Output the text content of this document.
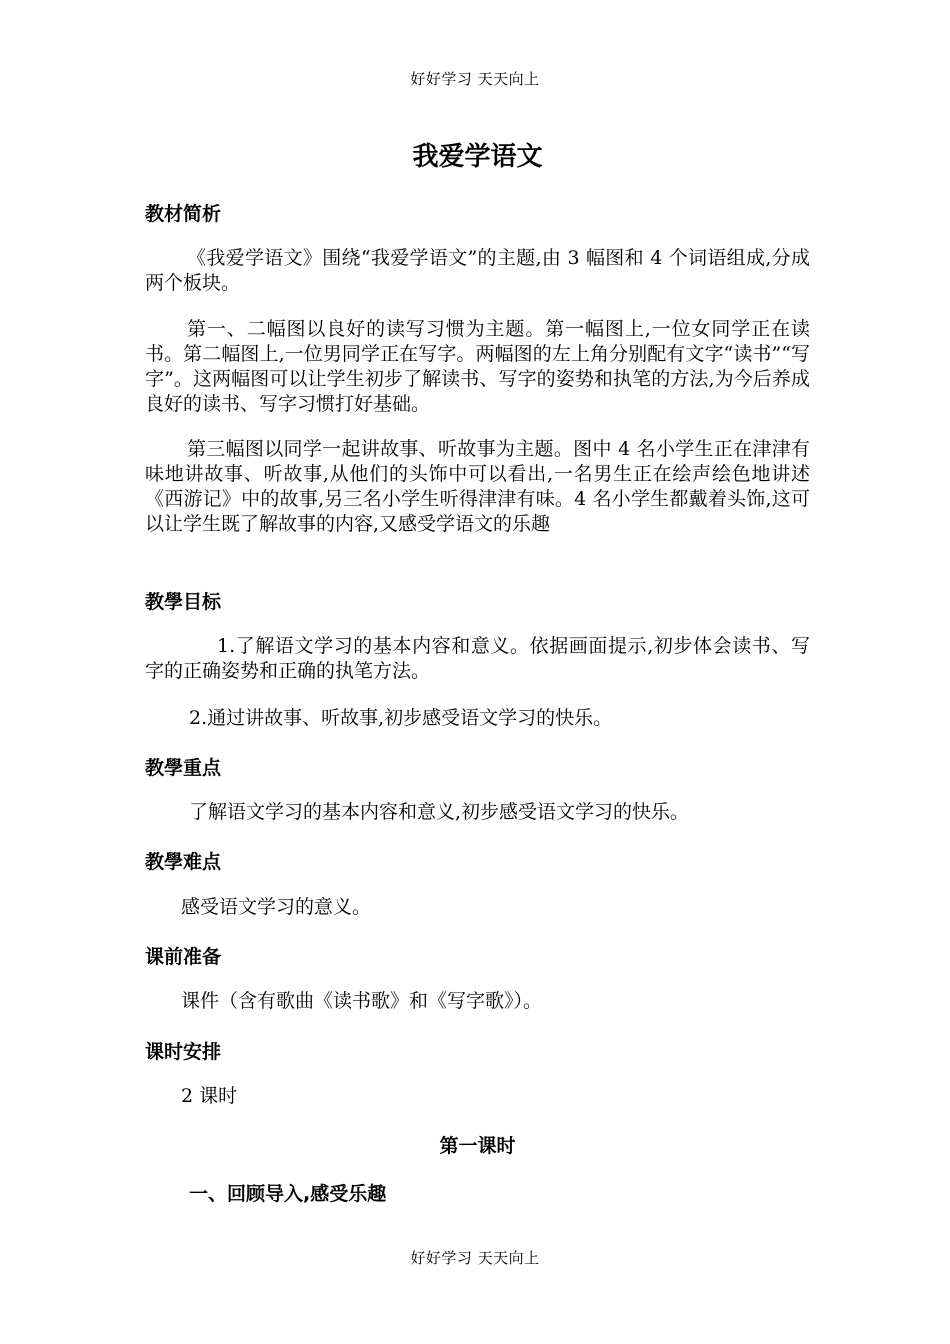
好好学习 天天向上
我爱学语文
教材简析
《我爱学语文》围绕“我爱学语文”的主题,由 3 幅图和 4 个词语组成,分成两个板块。
第一、二幅图以良好的读写习惯为主题。第一幅图上,一位女同学正在读书。第二幅图上,一位男同学正在写字。两幅图的左上角分别配有文字“读书”“写字”。这两幅图可以让学生初步了解读书、写字的姿势和执笔的方法,为今后养成良好的读书、写字习惯打好基础。
第三幅图以同学一起讲故事、听故事为主题。图中 4 名小学生正在津津有味地讲故事、听故事,从他们的头饰中可以看出,一名男生正在绘声绘色地讲述《西游记》中的故事,另三名小学生听得津津有味。4 名小学生都戴着头饰,这可以让学生既了解故事的内容,又感受学语文的乐趣
教學目标
1.了解语文学习的基本内容和意义。依据画面提示,初步体会读书、写字的正确姿势和正确的执笔方法。
2.通过讲故事、听故事,初步感受语文学习的快乐。
教學重点
了解语文学习的基本内容和意义,初步感受语文学习的快乐。
教學难点
感受语文学习的意义。
课前准备
课件（含有歌曲《读书歌》和《写字歌》）。
课时安排
2 课时
第一课时
一、回顾导入,感受乐趣
好好学习 天天向上
